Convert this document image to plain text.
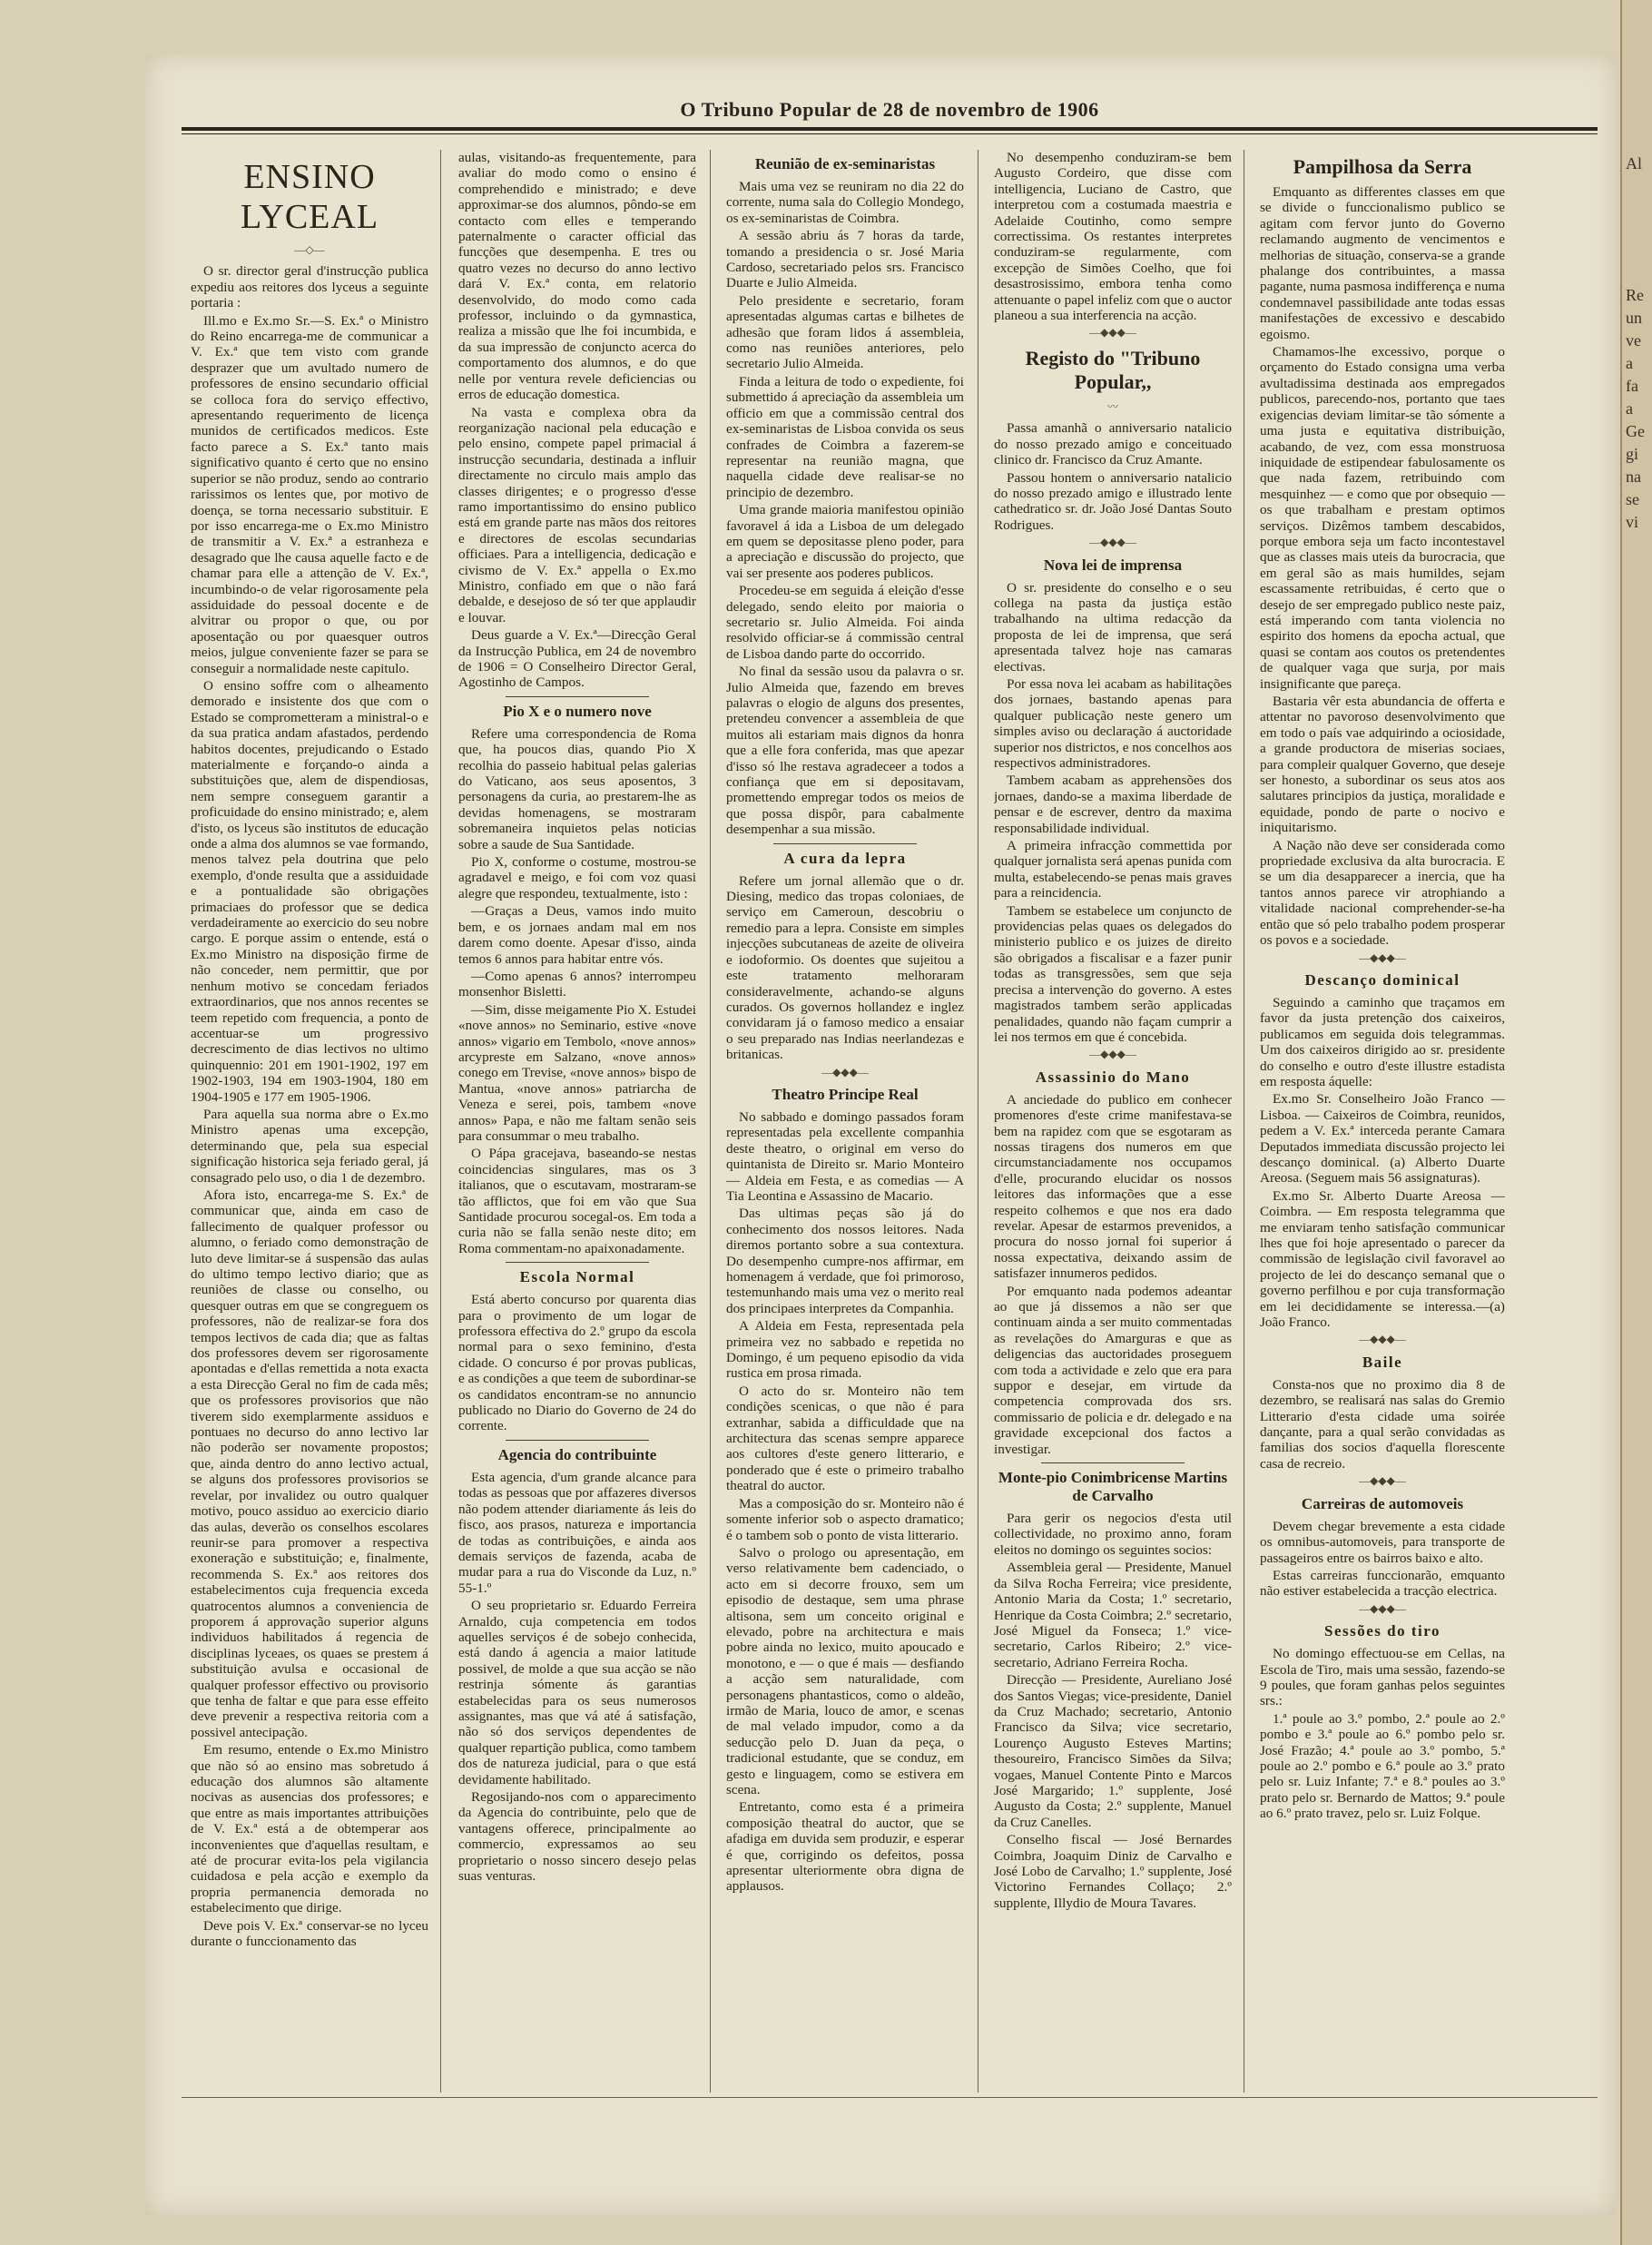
Al
Re
un
ve
a
fa
a
Ge
gi
na
se
vi
O Tribuno Popular de 28 de novembro de 1906
ENSINO LYCEAL
—◇—

O sr. director geral d'instrucção publica expediu aos reitores dos lyceus a seguinte portaria :

Ill.mo e Ex.mo Sr.—S. Ex.ª o Ministro do Reino encarrega-me de communicar a V. Ex.ª que tem visto com grande desprazer que um avultado numero de professores de ensino secundario official se colloca fora do serviço effectivo, apresentando requerimento de licença munidos de certificados medicos. Este facto parece a S. Ex.ª tanto mais significativo quanto é certo que no ensino superior se não produz, sendo ao contrario rarissimos os lentes que, por motivo de doença, se torna necessario substituir. E por isso encarrega-me o Ex.mo Ministro de transmitir a V. Ex.ª a estranheza e desagrado que lhe causa aquelle facto e de chamar para elle a attenção de V. Ex.ª, incumbindo-o de velar rigorosamente pela assiduidade do pessoal docente e de alvitrar ou propor o que, ou por aposentação ou por quaesquer outros meios, julgue conveniente fazer se para se conseguir a normalidade neste capitulo.

O ensino soffre com o alheamento demorado e insistente dos que com o Estado se comprometteram a ministral-o e da sua pratica andam afastados, perdendo habitos docentes, prejudicando o Estado materialmente e forçando-o ainda a substituições que, alem de dispendiosas, nem sempre conseguem garantir a proficuidade do ensino ministrado; e, alem d'isto, os lyceus são institutos de educação onde a alma dos alumnos se vae formando, menos talvez pela doutrina que pelo exemplo, d'onde resulta que a assiduidade e a pontualidade são obrigações primaciaes do professor que se dedica verdadeiramente ao exercicio do seu nobre cargo. E porque assim o entende, está o Ex.mo Ministro na disposição firme de não conceder, nem permittir, que por nenhum motivo se concedam feriados extraordinarios, que nos annos recentes se teem repetido com frequencia, a ponto de accentuar-se um progressivo decrescimento de dias lectivos no ultimo quinquennio: 201 em 1901-1902, 197 em 1902-1903, 194 em 1903-1904, 180 em 1904-1905 e 177 em 1905-1906.

Para aquella sua norma abre o Ex.mo Ministro apenas uma excepção, determinando que, pela sua especial significação historica seja feriado geral, já consagrado pelo uso, o dia 1 de dezembro.

Afora isto, encarrega-me S. Ex.ª de communicar que, ainda em caso de fallecimento de qualquer professor ou alumno, o feriado como demonstração de luto deve limitar-se á suspensão das aulas do ultimo tempo lectivo diario; que as reuniões de classe ou conselho, ou quesquer outras em que se congreguem os professores, não de realizar-se fora dos tempos lectivos de cada dia; que as faltas dos professores devem ser rigorosamente apontadas e d'ellas remettida a nota exacta a esta Direcção Geral no fim de cada mês; que os professores provisorios que não tiverem sido exemplarmente assiduos e pontuaes no decurso do anno lectivo lar não poderão ser novamente propostos; que, ainda dentro do anno lectivo actual, se alguns dos professores provisorios se revelar, por invalidez ou outro qualquer motivo, pouco assiduo ao exercicio diario das aulas, deverão os conselhos escolares reunir-se para promover a respectiva exoneração e substituição; e, finalmente, recommenda S. Ex.ª aos reitores dos estabelecimentos cuja frequencia exceda quatrocentos alumnos a conveniencia de proporem á approvação superior alguns individuos habilitados á regencia de disciplinas lyceaes, os quaes se prestem á substituição avulsa e occasional de qualquer professor effectivo ou provisorio que tenha de faltar e que para esse effeito deve prevenir a respectiva reitoria com a possivel antecipação.

Em resumo, entende o Ex.mo Ministro que não só ao ensino mas sobretudo á educação dos alumnos são altamente nocivas as ausencias dos professores; e que entre as mais importantes attribuições de V. Ex.ª está a de obtemperar aos inconvenientes que d'aquellas resultam, e até de procurar evita-los pela vigilancia cuidadosa e pela acção e exemplo da propria permanencia demorada no estabelecimento que dirige.

Deve pois V. Ex.ª conservar-se no lyceu durante o funccionamento das

aulas, visitando-as frequentemente, para avaliar do modo como o ensino é comprehendido e ministrado; e deve approximar-se dos alumnos, pôndo-se em contacto com elles e temperando paternalmente o caracter official das funcções que desempenha. E tres ou quatro vezes no decurso do anno lectivo dará V. Ex.ª conta, em relatorio desenvolvido, do modo como cada professor, incluindo o da gymnastica, realiza a missão que lhe foi incumbida, e da sua impressão de conjuncto acerca do comportamento dos alumnos, e do que nelle por ventura revele deficiencias ou erros de educação domestica.

Na vasta e complexa obra da reorganização nacional pela educação e pelo ensino, compete papel primacial á instrucção secundaria, destinada a influir directamente no circulo mais amplo das classes dirigentes; e o progresso d'esse ramo importantissimo do ensino publico está em grande parte nas mãos dos reitores e directores de escolas secundarias officiaes. Para a intelligencia, dedicação e civismo de V. Ex.ª appella o Ex.mo Ministro, confiado em que o não fará debalde, e desejoso de só ter que applaudir e louvar.

Deus guarde a V. Ex.ª—Direcção Geral da Instrucção Publica, em 24 de novembro de 1906 = O Conselheiro Director Geral, Agostinho de Campos.

Pio X e o numero nove

Refere uma correspondencia de Roma que, ha poucos dias, quando Pio X recolhia do passeio habitual pelas galerias do Vaticano, aos seus aposentos, 3 personagens da curia, ao prestarem-lhe as devidas homenagens, se mostraram sobremaneira inquietos pelas noticias sobre a saude de Sua Santidade.

Pio X, conforme o costume, mostrou-se agradavel e meigo, e foi com voz quasi alegre que respondeu, textualmente, isto :

—Graças a Deus, vamos indo muito bem, e os jornaes andam mal em nos darem como doente. Apesar d'isso, ainda temos 6 annos para habitar entre vós.

—Como apenas 6 annos? interrompeu monsenhor Bisletti.

—Sim, disse meigamente Pio X. Estudei «nove annos» no Seminario, estive «nove annos» vigario em Tembolo, «nove annos» arcypreste em Salzano, «nove annos» conego em Trevise, «nove annos» bispo de Mantua, «nove annos» patriarcha de Veneza e serei, pois, tambem «nove annos» Papa, e não me faltam senão seis para consummar o meu trabalho.

O Pápa gracejava, baseando-se nestas coincidencias singulares, mas os 3 italianos, que o escutavam, mostraram-se tão afflictos, que foi em vão que Sua Santidade procurou socegal-os. Em toda a curia não se falla senão neste dito; em Roma commentam-no apaixonadamente.

Escola Normal

Está aberto concurso por quarenta dias para o provimento de um logar de professora effectiva do 2.º grupo da escola normal para o sexo feminino, d'esta cidade. O concurso é por provas publicas, e as condições a que teem de subordinar-se os candidatos encontram-se no annuncio publicado no Diario do Governo de 24 do corrente.

Agencia do contribuinte

Esta agencia, d'um grande alcance para todas as pessoas que por affazeres diversos não podem attender diariamente ás leis do fisco, aos prasos, natureza e importancia de todas as contribuições, e ainda aos demais serviços de fazenda, acaba de mudar para a rua do Visconde da Luz, n.º 55-1.º

O seu proprietario sr. Eduardo Ferreira Arnaldo, cuja competencia em todos aquelles serviços é de sobejo conhecida, está dando á agencia a maior latitude possivel, de molde a que sua acção se não restrinja sómente ás garantias estabelecidas para os seus numerosos assignantes, mas que vá até á satisfação, não só dos serviços dependentes de qualquer repartição publica, como tambem dos de natureza judicial, para o que está devidamente habilitado.

Regosijando-nos com o apparecimento da Agencia do contribuinte, pelo que de vantagens offerece, principalmente ao commercio, expressamos ao seu proprietario o nosso sincero desejo pelas suas venturas.

Reunião de ex-seminaristas

Mais uma vez se reuniram no dia 22 do corrente, numa sala do Collegio Mondego, os ex-seminaristas de Coimbra.

A sessão abriu ás 7 horas da tarde, tomando a presidencia o sr. José Maria Cardoso, secretariado pelos srs. Francisco Duarte e Julio Almeida.

Pelo presidente e secretario, foram apresentadas algumas cartas e bilhetes de adhesão que foram lidos á assembleia, como nas reuniões anteriores, pelo secretario Julio Almeida.

Finda a leitura de todo o expediente, foi submettido á apreciação da assembleia um officio em que a commissão central dos ex-seminaristas de Lisboa convida os seus confrades de Coimbra a fazerem-se representar na reunião magna, que naquella cidade deve realisar-se no principio de dezembro.

Uma grande maioria manifestou opinião favoravel á ida a Lisboa de um delegado em quem se depositasse pleno poder, para a apreciação e discussão do projecto, que vai ser presente aos poderes publicos.

Procedeu-se em seguida á eleição d'esse delegado, sendo eleito por maioria o secretario sr. Julio Almeida. Foi ainda resolvido officiar-se á commissão central de Lisboa dando parte do occorrido.

No final da sessão usou da palavra o sr. Julio Almeida que, fazendo em breves palavras o elogio de alguns dos presentes, pretendeu convencer a assembleia de que muitos ali estariam mais dignos da honra que a elle fora conferida, mas que apezar d'isso só lhe restava agradeceer a todos a confiança que em si depositavam, promettendo empregar todos os meios de que possa dispôr, para cabalmente desempenhar a sua missão.

A cura da lepra

Refere um jornal allemão que o dr. Diesing, medico das tropas coloniaes, de serviço em Cameroun, descobriu o remedio para a lepra. Consiste em simples injecções subcutaneas de azeite de oliveira e iodoformio. Os doentes que sujeitou a este tratamento melhoraram consideravelmente, achando-se alguns curados. Os governos hollandez e inglez convidaram já o famoso medico a ensaiar o seu preparado nas Indias neerlandezas e britanicas.

—◆◆◆—
Theatro Principe Real

No sabbado e domingo passados foram representadas pela excellente companhia deste theatro, o original em verso do quintanista de Direito sr. Mario Monteiro — Aldeia em Festa, e as comedias — A Tia Leontina e Assassino de Macario.

Das ultimas peças são já do conhecimento dos nossos leitores. Nada diremos portanto sobre a sua contextura. Do desempenho cumpre-nos affirmar, em homenagem á verdade, que foi primoroso, testemunhando mais uma vez o merito real dos principaes interpretes da Companhia.

A Aldeia em Festa, representada pela primeira vez no sabbado e repetida no Domingo, é um pequeno episodio da vida rustica em prosa rimada.

O acto do sr. Monteiro não tem condições scenicas, o que não é para extranhar, sabida a difficuldade que na architectura das scenas sempre apparece aos cultores d'este genero litterario, e ponderado que é este o primeiro trabalho theatral do auctor.

Mas a composição do sr. Monteiro não é somente inferior sob o aspecto dramatico; é o tambem sob o ponto de vista litterario.

Salvo o prologo ou apresentação, em verso relativamente bem cadenciado, o acto em si decorre frouxo, sem um episodio de destaque, sem uma phrase altisona, sem um conceito original e elevado, pobre na architectura e mais pobre ainda no lexico, muito apoucado e monotono, e — o que é mais — desfiando a acção sem naturalidade, com personagens phantasticos, como o aldeão, irmão de Maria, louco de amor, e scenas de mal velado impudor, como a da seducção pelo D. Juan da peça, o tradicional estudante, que se conduz, em gesto e linguagem, como se estivera em scena.

Entretanto, como esta é a primeira composição theatral do auctor, que se afadiga em duvida sem produzir, e esperar é que, corrigindo os defeitos, possa apresentar ulteriormente obra digna de applausos.

No desempenho conduziram-se bem Augusto Cordeiro, que disse com intelligencia, Luciano de Castro, que interpretou com a costumada maestria e Adelaide Coutinho, como sempre correctissima. Os restantes interpretes conduziram-se regularmente, com excepção de Simões Coelho, que foi desastrosissimo, embora tenha como attenuante o papel infeliz com que o auctor planeou a sua interferencia na acção.

—◆◆◆—
Registo do "Tribuno Popular,,
〰

Passa amanhã o anniversario natalicio do nosso prezado amigo e conceituado clinico dr. Francisco da Cruz Amante.

Passou hontem o anniversario natalicio do nosso prezado amigo e illustrado lente cathedratico sr. dr. João José Dantas Souto Rodrigues.

—◆◆◆—
Nova lei de imprensa

O sr. presidente do conselho e o seu collega na pasta da justiça estão trabalhando na ultima redacção da proposta de lei de imprensa, que será apresentada talvez hoje nas camaras electivas.

Por essa nova lei acabam as habilitações dos jornaes, bastando apenas para qualquer publicação neste genero um simples aviso ou declaração á auctoridade superior nos districtos, e nos concelhos aos respectivos administradores.

Tambem acabam as apprehensões dos jornaes, dando-se a maxima liberdade de pensar e de escrever, dentro da maxima responsabilidade individual.

A primeira infracção commettida por qualquer jornalista será apenas punida com multa, estabelecendo-se penas mais graves para a reincidencia.

Tambem se estabelece um conjuncto de providencias pelas quaes os delegados do ministerio publico e os juizes de direito são obrigados a fiscalisar e a fazer punir todas as transgressões, sem que seja precisa a intervenção do governo. A estes magistrados tambem serão applicadas penalidades, quando não façam cumprir a lei nos termos em que é concebida.

—◆◆◆—
Assassinio do Mano

A anciedade do publico em conhecer promenores d'este crime manifestava-se bem na rapidez com que se esgotaram as nossas tiragens dos numeros em que circumstanciadamente nos occupamos d'elle, procurando elucidar os nossos leitores das informações que a esse respeito colhemos e que nos era dado revelar. Apesar de estarmos prevenidos, a procura do nosso jornal foi superior á nossa expectativa, deixando assim de satisfazer innumeros pedidos.

Por emquanto nada podemos adeantar ao que já dissemos a não ser que continuam ainda a ser muito commentadas as revelações do Amarguras e que as deligencias das auctoridades proseguem com toda a actividade e zelo que era para suppor e desejar, em virtude da competencia comprovada dos srs. commissario de policia e dr. delegado e na gravidade excepcional dos factos a investigar.

Monte-pio Conimbricense Martins de Carvalho

Para gerir os negocios d'esta util collectividade, no proximo anno, foram eleitos no domingo os seguintes socios:

Assembleia geral — Presidente, Manuel da Silva Rocha Ferreira; vice presidente, Antonio Maria da Costa; 1.º secretario, Henrique da Costa Coimbra; 2.º secretario, José Miguel da Fonseca; 1.º vice-secretario, Carlos Ribeiro; 2.º vice-secretario, Adriano Ferreira Rocha.

Direcção — Presidente, Aureliano José dos Santos Viegas; vice-presidente, Daniel da Cruz Machado; secretario, Antonio Francisco da Silva; vice secretario, Lourenço Augusto Esteves Martins; thesoureiro, Francisco Simões da Silva; vogaes, Manuel Contente Pinto e Marcos José Margarido; 1.º supplente, José Augusto da Costa; 2.º supplente, Manuel da Cruz Canelles.

Conselho fiscal — José Bernardes Coimbra, Joaquim Diniz de Carvalho e José Lobo de Carvalho; 1.º supplente, José Victorino Fernandes Collaço; 2.º supplente, Illydio de Moura Tavares.

Pampilhosa da Serra

Emquanto as differentes classes em que se divide o funccionalismo publico se agitam com fervor junto do Governo reclamando augmento de vencimentos e melhorias de situação, conserva-se a grande phalange dos contribuintes, a massa pagante, numa pasmosa indifferença e numa condemnavel passibilidade ante todas essas manifestações de excessivo e descabido egoismo.

Chamamos-lhe excessivo, porque o orçamento do Estado consigna uma verba avultadissima destinada aos empregados publicos, parecendo-nos, portanto que taes exigencias deviam limitar-se tão sómente a uma justa e equitativa distribuição, acabando, de vez, com essa monstruosa iniquidade de estipendear fabulosamente os que nada fazem, retribuindo com mesquinhez — e como que por obsequio — os que trabalham e prestam optimos serviços. Dizêmos tambem descabidos, porque embora seja um facto incontestavel que as classes mais uteis da burocracia, que em geral são as mais humildes, sejam escassamente retribuidas, é certo que o desejo de ser empregado publico neste paiz, está imperando com tanta violencia no espirito dos homens da epocha actual, que quasi se contam aos coutos os pretendentes de qualquer vaga que surja, por mais insignificante que pareça.

Bastaria vêr esta abundancia de offerta e attentar no pavoroso desenvolvimento que em todo o país vae adquirindo a ociosidade, a grande productora de miserias sociaes, para compleir qualquer Governo, que deseje ser honesto, a subordinar os seus atos aos salutares principios da justiça, moralidade e equidade, pondo de parte o nocivo e iniquitarismo.

A Nação não deve ser considerada como propriedade exclusiva da alta burocracia. E se um dia desapparecer a inercia, que ha tantos annos parece vir atrophiando a vitalidade nacional comprehender-se-ha então que só pelo trabalho podem prosperar os povos e a sociedade.

—◆◆◆—
Descanço dominical

Seguindo a caminho que traçamos em favor da justa pretenção dos caixeiros, publicamos em seguida dois telegrammas. Um dos caixeiros dirigido ao sr. presidente do conselho e outro d'este illustre estadista em resposta áquelle:

Ex.mo Sr. Conselheiro João Franco — Lisboa. — Caixeiros de Coimbra, reunidos, pedem a V. Ex.ª interceda perante Camara Deputados immediata discussão projecto lei descanço dominical. (a) Alberto Duarte Areosa. (Seguem mais 56 assignaturas).

Ex.mo Sr. Alberto Duarte Areosa — Coimbra. — Em resposta telegramma que me enviaram tenho satisfação communicar lhes que foi hoje apresentado o parecer da commissão de legislação civil favoravel ao projecto de lei do descanço semanal que o governo perfilhou e por cuja transformação em lei decididamente se interessa.—(a) João Franco.

—◆◆◆—
Baile

Consta-nos que no proximo dia 8 de dezembro, se realisará nas salas do Gremio Litterario d'esta cidade uma soirée dançante, para a qual serão convidadas as familias dos socios d'aquella florescente casa de recreio.

—◆◆◆—
Carreiras de automoveis

Devem chegar brevemente a esta cidade os omnibus-automoveis, para transporte de passageiros entre os bairros baixo e alto.

Estas carreiras funccionarão, emquanto não estiver estabelecida a tracção electrica.

—◆◆◆—
Sessões do tiro

No domingo effectuou-se em Cellas, na Escola de Tiro, mais uma sessão, fazendo-se 9 poules, que foram ganhas pelos seguintes srs.:

1.ª poule ao 3.º pombo, 2.ª poule ao 2.º pombo e 3.ª poule ao 6.º pombo pelo sr. José Frazão; 4.ª poule ao 3.º pombo, 5.ª poule ao 2.º pombo e 6.ª poule ao 3.º prato pelo sr. Luiz Infante; 7.ª e 8.ª poules ao 3.º prato pelo sr. Bernardo de Mattos; 9.ª poule ao 6.º prato travez, pelo sr. Luiz Folque.
